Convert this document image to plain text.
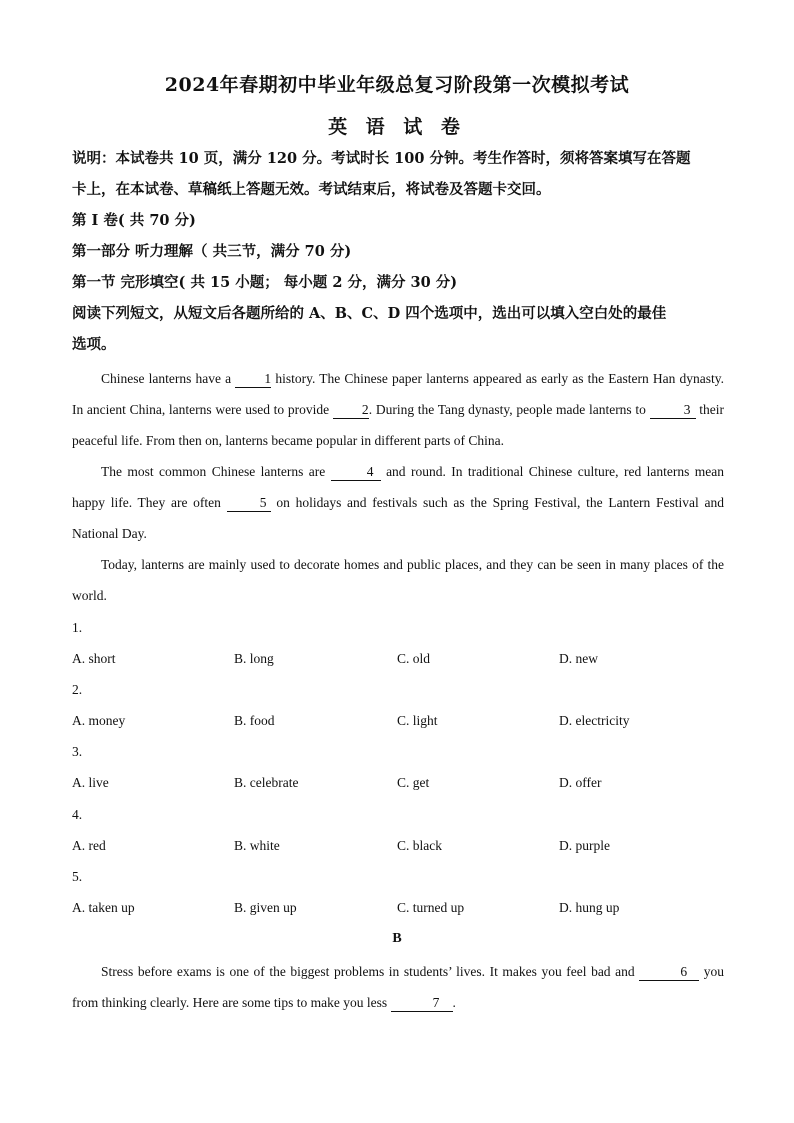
2024年春期初中毕业年级总复习阶段第一次模拟考试
英 语 试 卷
说明：本试卷共 10 页，满分 120 分。考试时长 100 分钟。考生作答时，须将答案填写在答题
卡上，在本试卷、草稿纸上答题无效。考试结束后，将试卷及答题卡交回。
第 I 卷( 共 70 分)
第一部分 听力理解（ 共三节，满分 70 分)
第一节 完形填空( 共 15 小题； 每小题 2 分，满分 30 分)
阅读下列短文，从短文后各题所给的 A、B、C、D 四个选项中，选出可以填入空白处的最佳
选项。

Chinese lanterns have a 1 history. The Chinese paper lanterns appeared as early as the Eastern Han dynasty. In ancient China, lanterns were used to provide 2. During the Tang dynasty, people made lanterns to	3 their peaceful life. From then on, lanterns became popular in different parts of China.

The most common Chinese lanterns are	4 and round. In traditional Chinese culture, red lanterns mean happy life. They are often 5 on holidays and festivals such as the Spring Festival, the Lantern Festival and National Day.

Today, lanterns are mainly used to decorate homes and public places, and they can be seen in many places of the world.

1.
A. short	B. long	C. old	D. new
2.
A. money	B. food	C. light	D. electricity
3.
A. live	B. celebrate	C. get	D. offer
4.
A. red	B. white	C. black	D. purple
5.
A. taken up	B. given up	C. turned up	D. hung up
B

Stress before exams is one of the biggest problems in students’ lives. It makes you feel bad and	6 you from thinking clearly. Here are some tips to make you less	7 .
